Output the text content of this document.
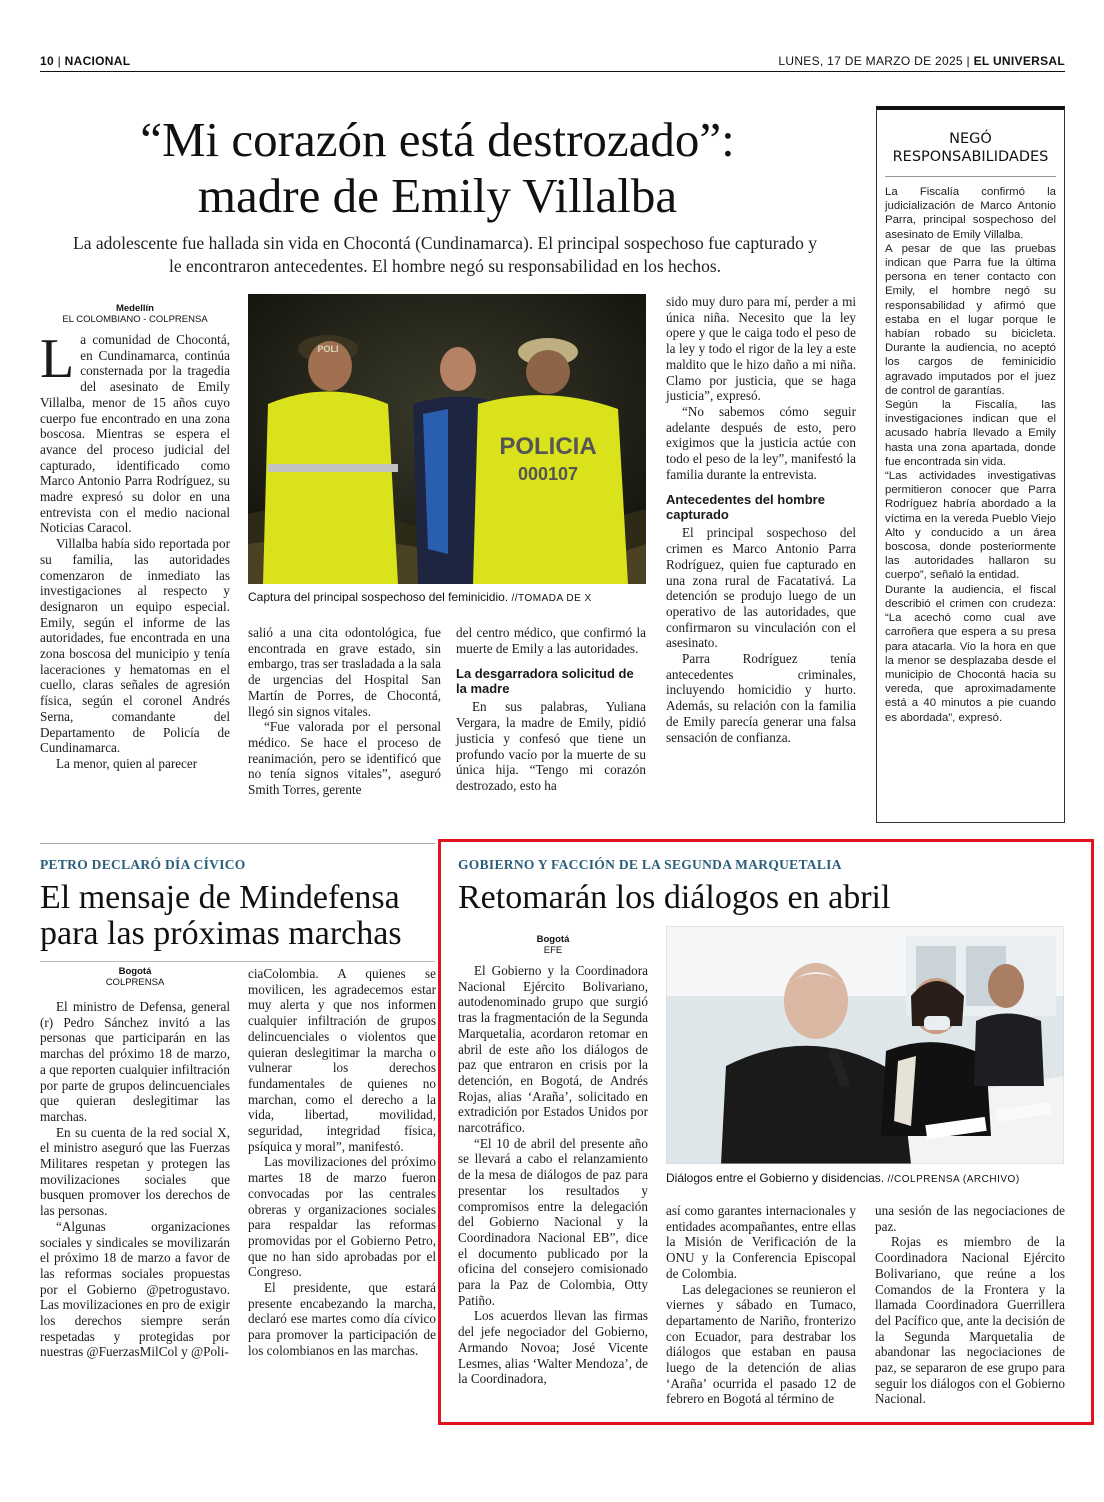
10 | NACIONAL	LUNES, 17 DE MARZO DE 2025 | EL UNIVERSAL
“Mi corazón está destrozado”:
madre de Emily Villalba
La adolescente fue hallada sin vida en Chocontá (Cundinamarca). El principal sospechoso fue capturado y le encontraron antecedentes. El hombre negó su responsabilidad en los hechos.
Medellín
EL COLOMBIANO - COLPRENSA

La comunidad de Chocontá, en Cundinamarca, continúa consternada por la tragedia del asesinato de Emily Villalba, menor de 15 años cuyo cuerpo fue encontrado en una zona boscosa. Mientras se espera el avance del proceso judicial del capturado, identificado como Marco Antonio Parra Rodríguez, su madre expresó su dolor en una entrevista con el medio nacional Noticias Caracol.

Villalba había sido reportada por su familia, las autoridades comenzaron de inmediato las investigaciones al respecto y designaron un equipo especial. Emily, según el informe de las autoridades, fue encontrada en una zona boscosa del municipio y tenía laceraciones y hematomas en el cuello, claras señales de agresión física, según el coronel Andrés Serna, comandante del Departamento de Policía de Cundinamarca.

La menor, quien al parecer

POLICIA
000107
POLI
Captura del principal sospechoso del feminicidio. //TOMADA DE X

salió a una cita odontológica, fue encontrada en grave estado, sin embargo, tras ser trasladada a la sala de urgencias del Hospital San Martín de Porres, de Chocontá, llegó sin signos vitales.

“Fue valorada por el personal médico. Se hace el proceso de reanimación, pero se identificó que no tenía signos vitales”, aseguró Smith Torres, gerente

del centro médico, que confirmó la muerte de Emily a las autoridades.

La desgarradora solicitud de la madre

En sus palabras, Yuliana Vergara, la madre de Emily, pidió justicia y confesó que tiene un profundo vacío por la muerte de su única hija. “Tengo mi corazón destrozado, esto ha

sido muy duro para mí, perder a mi única niña. Necesito que la ley opere y que le caiga todo el peso de la ley y todo el rigor de la ley a este maldito que le hizo daño a mi niña. Clamo por justicia, que se haga justicia”, expresó.

“No sabemos cómo seguir adelante después de esto, pero exigimos que la justicia actúe con todo el peso de la ley”, manifestó la familia durante la entrevista.

Antecedentes del hombre capturado

El principal sospechoso del crimen es Marco Antonio Parra Rodríguez, quien fue capturado en una zona rural de Facatativá. La detención se produjo luego de un operativo de las autoridades, que confirmaron su vinculación con el asesinato.

Parra Rodríguez tenía antecedentes criminales, incluyendo homicidio y hurto. Además, su relación con la familia de Emily parecía generar una falsa sensación de confianza.

NEGÓ
RESPONSABILIDADES

La Fiscalía confirmó la judicialización de Marco Antonio Parra, principal sospechoso del asesinato de Emily Villalba.

A pesar de que las pruebas indican que Parra fue la última persona en tener contacto con Emily, el hombre negó su responsabilidad y afirmó que estaba en el lugar porque le habían robado su bicicleta. Durante la audiencia, no aceptó los cargos de feminicidio agravado imputados por el juez de control de garantías.

Según la Fiscalía, las investigaciones indican que el acusado habría llevado a Emily hasta una zona apartada, donde fue encontrada sin vida.

“Las actividades investigativas permitieron conocer que Parra Rodríguez habría abordado a la víctima en la vereda Pueblo Viejo Alto y conducido a un área boscosa, donde posteriormente las autoridades hallaron su cuerpo”, señaló la entidad.

Durante la audiencia, el fiscal describió el crimen con crudeza: “La acechó como cual ave carroñera que espera a su presa para atacarla. Vio la hora en que la menor se desplazaba desde el municipio de Chocontá hacia su vereda, que aproximadamente está a 40 minutos a pie cuando es abordada”, expresó.

PETRO DECLARÓ DÍA CÍVICO
El mensaje de Mindefensa
para las próximas marchas
Bogotá
COLPRENSA

El ministro de Defensa, general (r) Pedro Sánchez invitó a las personas que participarán en las marchas del próximo 18 de marzo, a que reporten cualquier infiltración por parte de grupos delincuenciales que quieran deslegitimar las marchas.

En su cuenta de la red social X, el ministro aseguró que las Fuerzas Militares respetan y protegen las movilizaciones sociales que busquen promover los derechos de las personas.

“Algunas organizaciones sociales y sindicales se movilizarán el próximo 18 de marzo a favor de las reformas sociales propuestas por el Gobierno @petrogustavo. Las movilizaciones en pro de exigir los derechos siempre serán respetadas y protegidas por nuestras @FuerzasMilCol y @Poli-

ciaColombia. A quienes se movilicen, les agradecemos estar muy alerta y que nos informen cualquier infiltración de grupos delincuenciales o violentos que quieran deslegitimar la marcha o vulnerar los derechos fundamentales de quienes no marchan, como el derecho a la vida, libertad, movilidad, seguridad, integridad física, psíquica y moral”, manifestó.

Las movilizaciones del próximo martes 18 de marzo fueron convocadas por las centrales obreras y organizaciones sociales para respaldar las reformas promovidas por el Gobierno Petro, que no han sido aprobadas por el Congreso.

El presidente, que estará presente encabezando la marcha, declaró ese martes como día cívico para promover la participación de los colombianos en las marchas.

GOBIERNO Y FACCIÓN DE LA SEGUNDA MARQUETALIA
Retomarán los diálogos en abril
Bogotá
EFE

El Gobierno y la Coordinadora Nacional Ejército Bolivariano, autodenominado grupo que surgió tras la fragmentación de la Segunda Marquetalia, acordaron retomar en abril de este año los diálogos de paz que entraron en crisis por la detención, en Bogotá, de Andrés Rojas, alias ‘Araña’, solicitado en extradición por Estados Unidos por narcotráfico.

“El 10 de abril del presente año se llevará a cabo el relanzamiento de la mesa de diálogos de paz para presentar los resultados y compromisos entre la delegación del Gobierno Nacional y la Coordinadora Nacional EB”, dice el documento publicado por la oficina del consejero comisionado para la Paz de Colombia, Otty Patiño.

Los acuerdos llevan las firmas del jefe negociador del Gobierno, Armando Novoa; José Vicente Lesmes, alias ‘Walter Mendoza’, de la Coordinadora,

Diálogos entre el Gobierno y disidencias. //COLPRENSA (ARCHIVO)

así como garantes internacionales y entidades acompañantes, entre ellas la Misión de Verificación de la ONU y la Conferencia Episcopal de Colombia.

Las delegaciones se reunieron el viernes y sábado en Tumaco, departamento de Nariño, fronterizo con Ecuador, para destrabar los diálogos que estaban en pausa luego de la detención de alias ‘Araña’ ocurrida el pasado 12 de febrero en Bogotá al término de

una sesión de las negociaciones de paz.

Rojas es miembro de la Coordinadora Nacional Ejército Bolivariano, que reúne a los Comandos de la Frontera y la llamada Coordinadora Guerrillera del Pacífico que, ante la decisión de la Segunda Marquetalia de abandonar las negociaciones de paz, se separaron de ese grupo para seguir los diálogos con el Gobierno Nacional.
